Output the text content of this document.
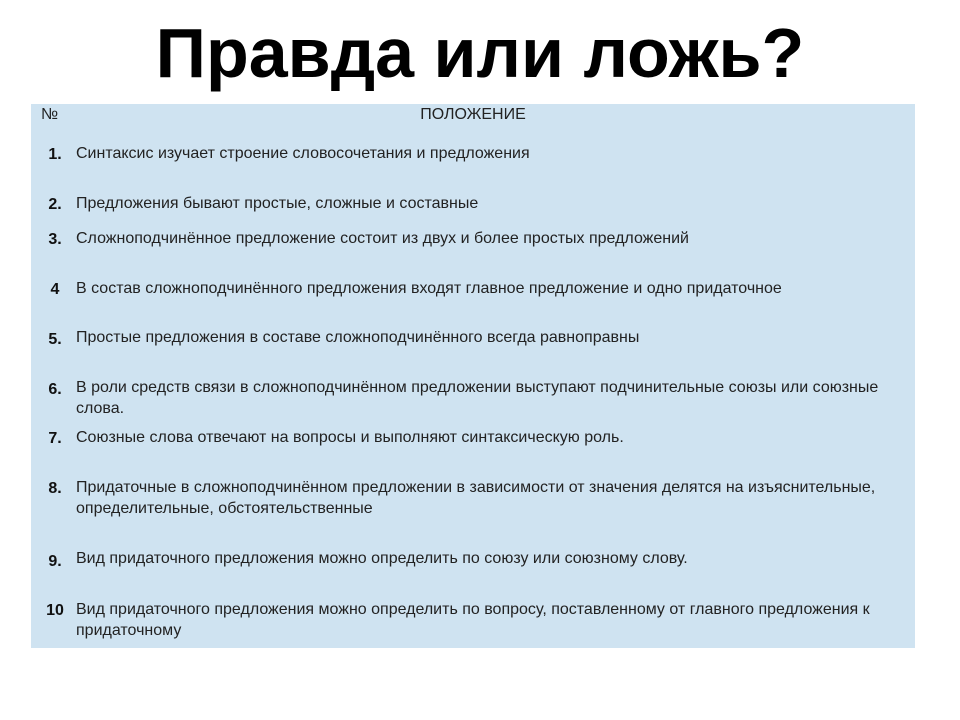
Правда или ложь?
ПОЛОЖЕНИЕ
№
1. Синтаксис изучает строение словосочетания и предложения
2. Предложения бывают простые, сложные и составные
3. Сложноподчинённое предложение состоит из двух и более простых предложений
4	В состав сложноподчинённого предложения входят главное предложение и одно придаточное
5. Простые предложения в составе сложноподчинённого всегда равноправны
6. В роли средств связи в сложноподчинённом предложении выступают подчинительные союзы или союзные слова.
7. Союзные слова отвечают на вопросы и выполняют синтаксическую роль.
8. Придаточные в сложноподчинённом предложении в зависимости от значения делятся на изъяснительные, определительные, обстоятельственные
9. Вид придаточного предложения можно определить по союзу или союзному слову.
10 Вид придаточного предложения можно определить по вопросу, поставленному от главного предложения к придаточному
